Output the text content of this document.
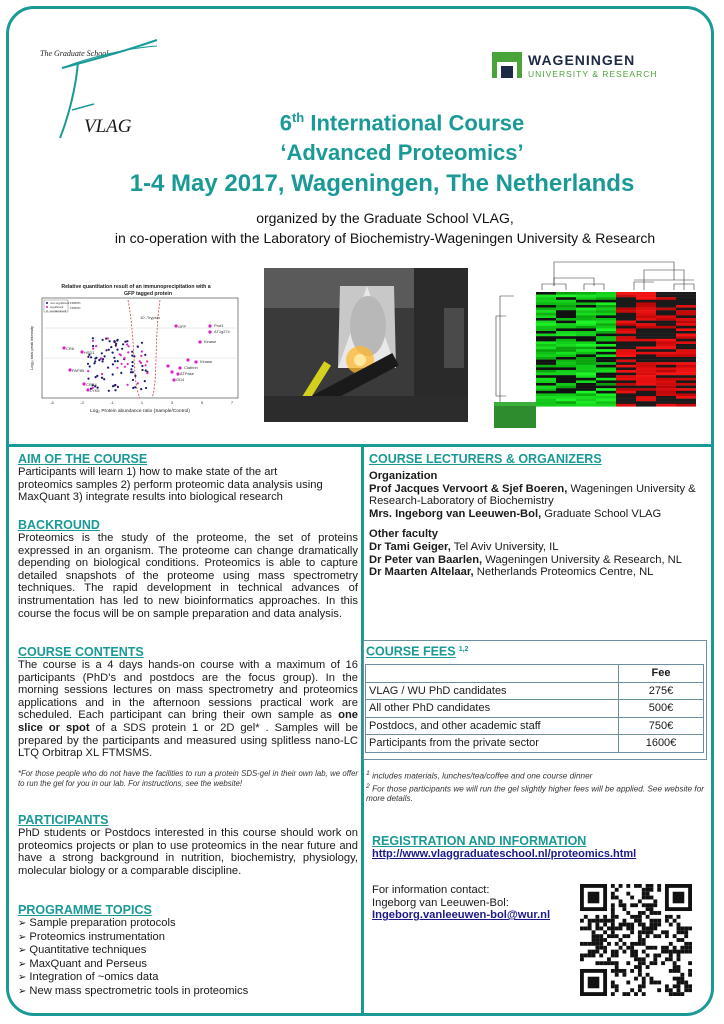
The Graduate School
VLAG
WAGENINGEN
UNIVERSITY & RESEARCH
6th International Course
‘Advanced Proteomics’
1-4 May 2017, Wageningen, The Netherlands
organized by the Graduate School VLAG,
in co-operation with the Laboratory of Biochemistry-Wageningen University & Research
Relative quantitation result of an immunoprecipitation with a
GFP tagged protein
non-significant
significant
contaminant
FDR5%
FDR5%
10 -Trypsin
GFP	Prot1
AT1g27x
Kinase
Kinase
Clathrin
ATPase
GD4
CR6
HSD1
PAP85
CRB4
LYK5
-5	-3	-1	1	3	5	7
Log₂ Protein abundance ratio (Sample/Control)
Log₁₀ total peak intensity
AIM OF THE COURSE
Participants will learn 1) how to make state of the art
proteomics samples 2) perform proteomic data analysis using
MaxQuant 3) integrate results into biological research
BACKROUND
Proteomics is the study of the proteome, the set of proteins expressed in an organism. The proteome can change dramatically depending on biological conditions. Proteomics is able to capture detailed snapshots of the proteome using mass spectrometry techniques. The rapid development in technical advances of instrumentation has led to new bioinformatics approaches. In this course the focus will be on sample preparation and data analysis.
COURSE CONTENTS
The course is a 4 days hands-on course with a maximum of 16 participants (PhD’s and postdocs are the focus group). In the morning sessions lectures on mass spectrometry and proteomics applications and in the afternoon sessions practical work are scheduled. Each participant can bring their own sample as one slice or spot of a SDS protein 1 or 2D gel* . Samples will be prepared by the participants and measured using splitless nano-LC LTQ Orbitrap XL FTMSMS.
*For those people who do not have the facilities to run a protein SDS-gel in their own lab, we offer to run the gel for you in our lab. For instructions, see the website!
PARTICIPANTS
PhD students or Postdocs interested in this course should work on proteomics projects or plan to use proteomics in the near future and have a strong background in nutrition, biochemistry, physiology, molecular biology or a comparable discipline.
PROGRAMME TOPICS
➢ Sample preparation protocols
➢ Proteomics instrumentation
➢ Quantitative techniques
➢ MaxQuant and Perseus
➢ Integration of ~omics data
➢ New mass spectrometric tools in proteomics
COURSE LECTURERS & ORGANIZERS
Organization
Prof Jacques Vervoort & Sjef Boeren, Wageningen University & Research-Laboratory of Biochemistry
Mrs. Ingeborg van Leeuwen-Bol, Graduate School VLAG
Other faculty
Dr Tami Geiger, Tel Aviv University, IL
Dr Peter van Baarlen, Wageningen University & Research, NL
Dr Maarten Altelaar, Netherlands Proteomics Centre, NL
COURSE FEES $^{1,2}$
	Fee
VLAG / WU PhD candidates	275€
All other PhD candidates	500€
Postdocs, and other academic staff	750€
Participants from the private sector	1600€
$^1$ includes materials, lunches/tea/coffee and one course dinner
$^2$ For those participants we will run the gel slightly higher fees will be applied. See website for more details.
REGISTRATION AND INFORMATION
http://www.vlaggraduateschool.nl/proteomics.html
For information contact:
Ingeborg van Leeuwen-Bol:
Ingeborg.vanleeuwen-bol@wur.nl
